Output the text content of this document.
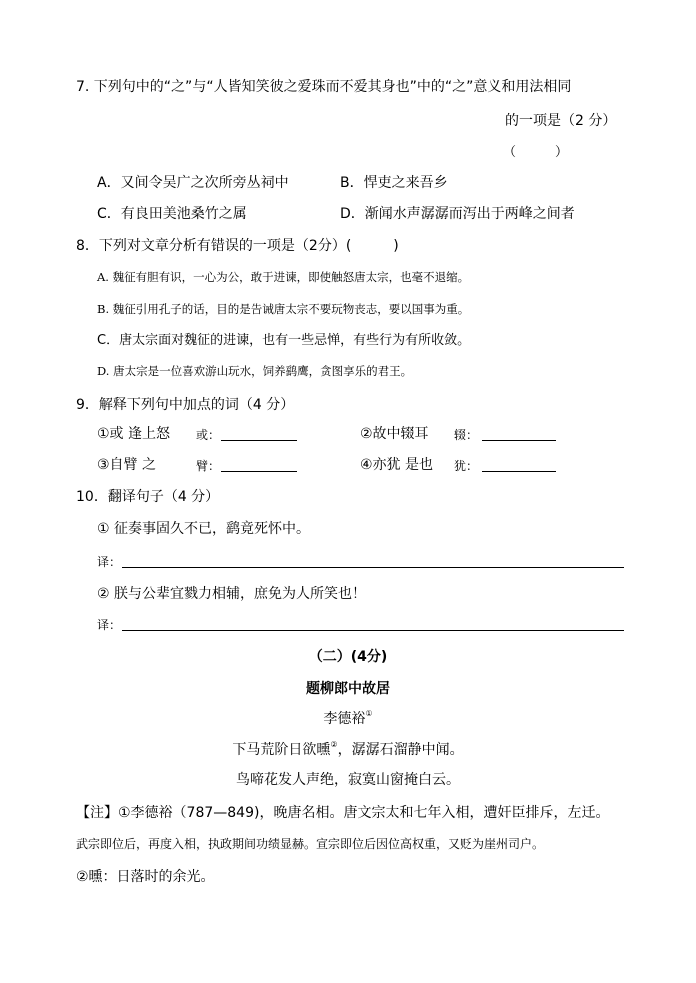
7. 下列句中的“之”与“人皆知笑彼之爱珠而不爱其身也”中的“之”意义和用法相同
的一项是（2 分）
（　　　）
A．又间令吴广之次所旁丛祠中	B．悍吏之来吾乡
C．有良田美池桑竹之属	D．渐闻水声潺潺而泻出于两峰之间者
8．下列对文章分析有错误的一项是（2分）(　　　)
A. 魏征有胆有识，一心为公，敢于进谏，即使触怒唐太宗，也毫不退缩。
B. 魏征引用孔子的话，目的是告诫唐太宗不要玩物丧志，要以国事为重。
C．唐太宗面对魏征的进谏，也有一些忌惮，有些行为有所收敛。
D. 唐太宗是一位喜欢游山玩水，饲养鹞鹰，贪图享乐的君王。
9．解释下列句中加点的词（4 分）
①或 逢上怒 或：	②故中辍耳 辍：
③自臂 之	臂：	④亦犹 是也 犹：
10．翻译句子（4 分）
① 征奏事固久不已，鹞竟死怀中。
译：
② 朕与公辈宜戮力相辅，庶免为人所笑也！
译：
（二）(4分)
题柳郎中故居
李德裕①
下马荒阶日欲曛②，潺潺石溜静中闻。
鸟啼花发人声绝，寂寞山窗掩白云。
【注】①李德裕（787—849)，晚唐名相。唐文宗太和七年入相，遭奸臣排斥，左迁。
武宗即位后，再度入相，执政期间功绩显赫。宣宗即位后因位高权重，又贬为崖州司户。
②曛：日落时的余光。
